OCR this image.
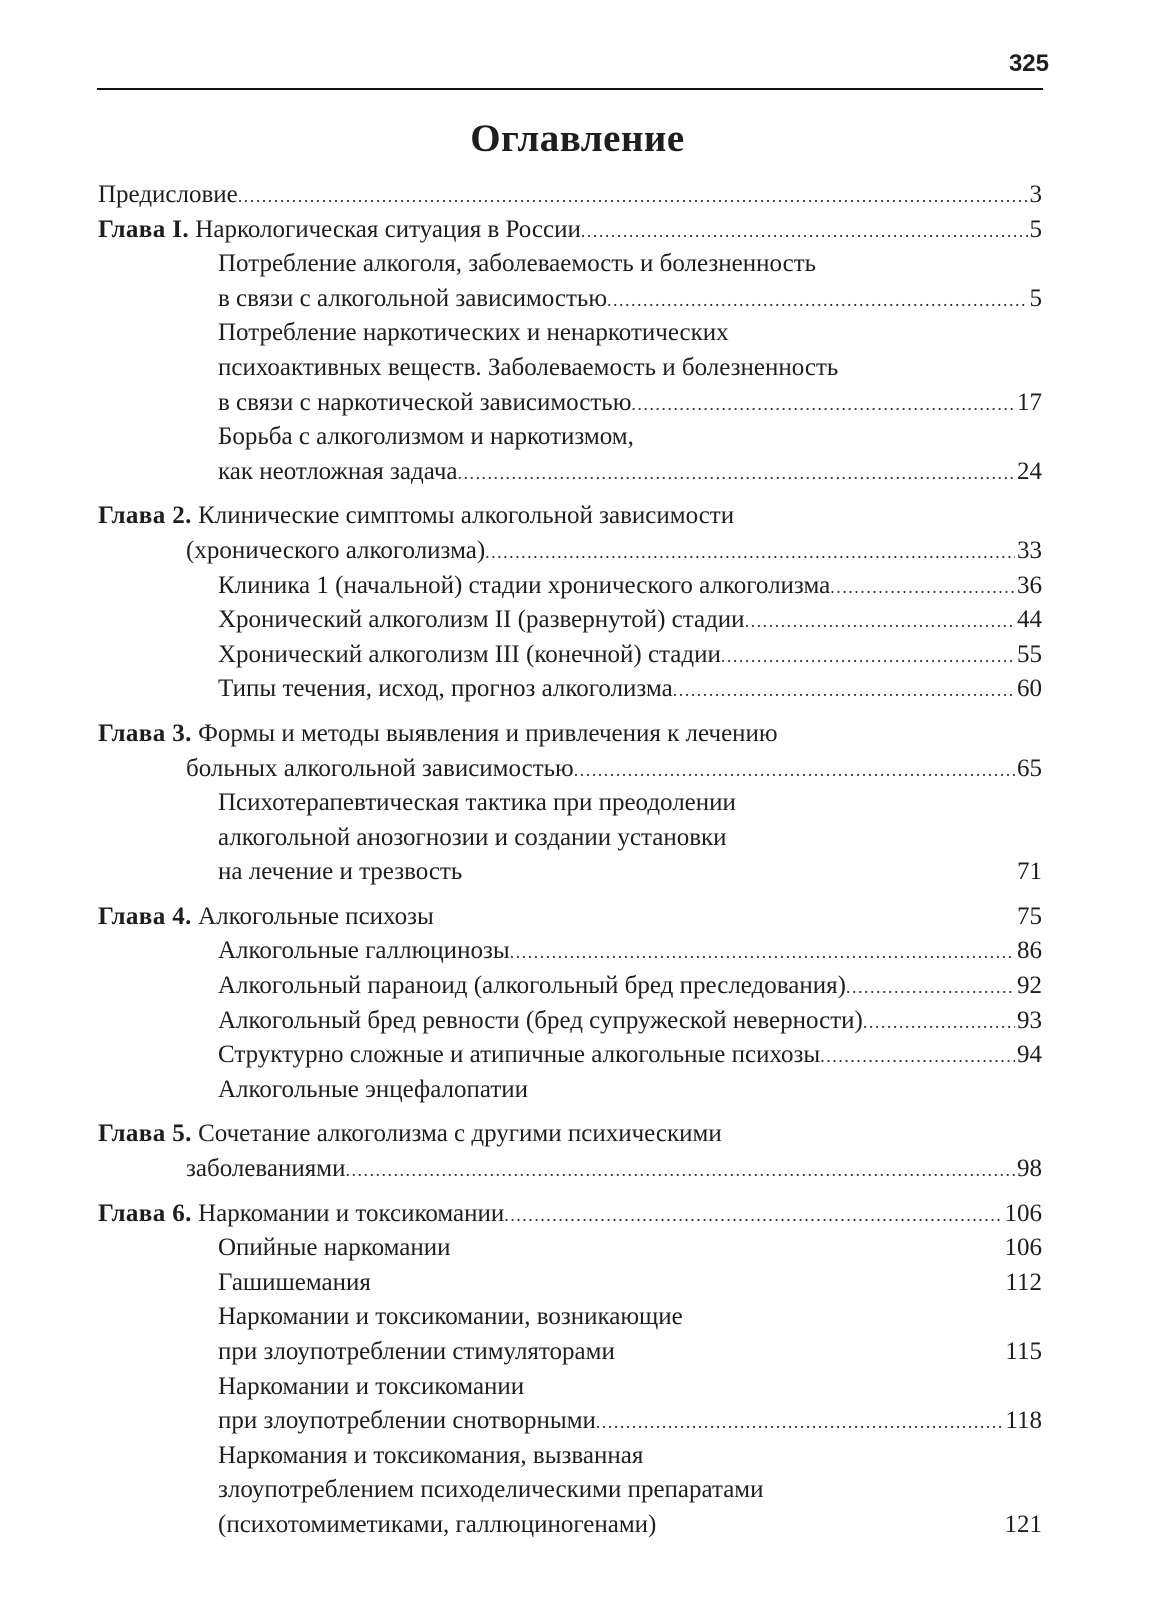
325
Оглавление
Предисловие . . .	3
Глава I. Наркологическая ситуация в России . . .	5
Потребление алкоголя, заболеваемость и болезненность
в связи с алкогольной зависимостью . . .	5
Потребление наркотических и ненаркотических
психоактивных веществ. Заболеваемость и болезненность
в связи с наркотической зависимостью . . .	17
Борьба с алкоголизмом и наркотизмом,
как неотложная задача . . .	24
Глава 2. Клинические симптомы алкогольной зависимости
(хронического алкоголизма) . . .	33
Клиника 1 (начальной) стадии хронического алкоголизма . . .	36
Хронический алкоголизм II (развернутой) стадии . . .	44
Хронический алкоголизм III (конечной) стадии . . .	55
Типы течения, исход, прогноз алкоголизма . . .	60
Глава 3. Формы и методы выявления и привлечения к лечению
больных алкогольной зависимостью . . .	65
Психотерапевтическая тактика при преодолении
алкогольной анозогнозии и создании установки
на лечение и трезвость	71
Глава 4. Алкогольные психозы	75
Алкогольные галлюцинозы . . .	86
Алкогольный параноид (алкогольный бред преследования) . . .	92
Алкогольный бред ревности (бред супружеской неверности) . . .	93
Структурно сложные и атипичные алкогольные психозы . . .	94
Алкогольные энцефалопатии
Глава 5. Сочетание алкоголизма с другими психическими
заболеваниями . . .	98
Глава 6. Наркомании и токсикомании . . .	106
Опийные наркомании	106
Гашишемания	112
Наркомании и токсикомании, возникающие
при злоупотреблении стимуляторами	115
Наркомании и токсикомании
при злоупотреблении снотворными . . .	118
Наркомания и токсикомания, вызванная
злоупотреблением психоделическими препаратами
(психотомиметиками, галлюциногенами)	121
